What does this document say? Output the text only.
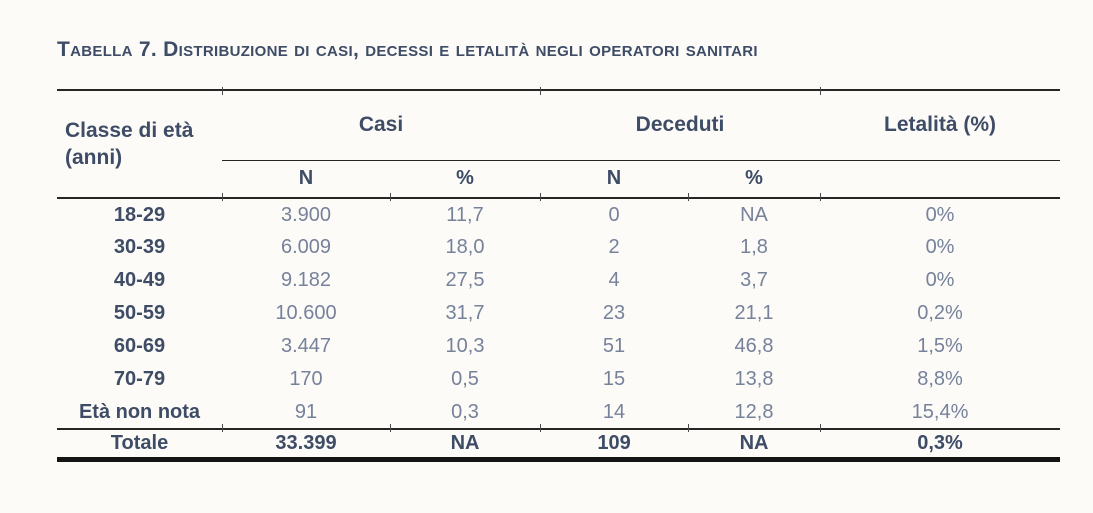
Tabella 7. Distribuzione di casi, decessi e letalità negli operatori sanitari
Classe di età (anni)	Casi		Deceduti		Letalità (%)
	N	%	N	%	
18-29	3.900	11,7	0	NA	0%
30-39	6.009	18,0	2	1,8	0%
40-49	9.182	27,5	4	3,7	0%
50-59	10.600	31,7	23	21,1	0,2%
60-69	3.447	10,3	51	46,8	1,5%
70-79	170	0,5	15	13,8	8,8%
Età non nota	91	0,3	14	12,8	15,4%
Totale	33.399	NA	109	NA	0,3%
